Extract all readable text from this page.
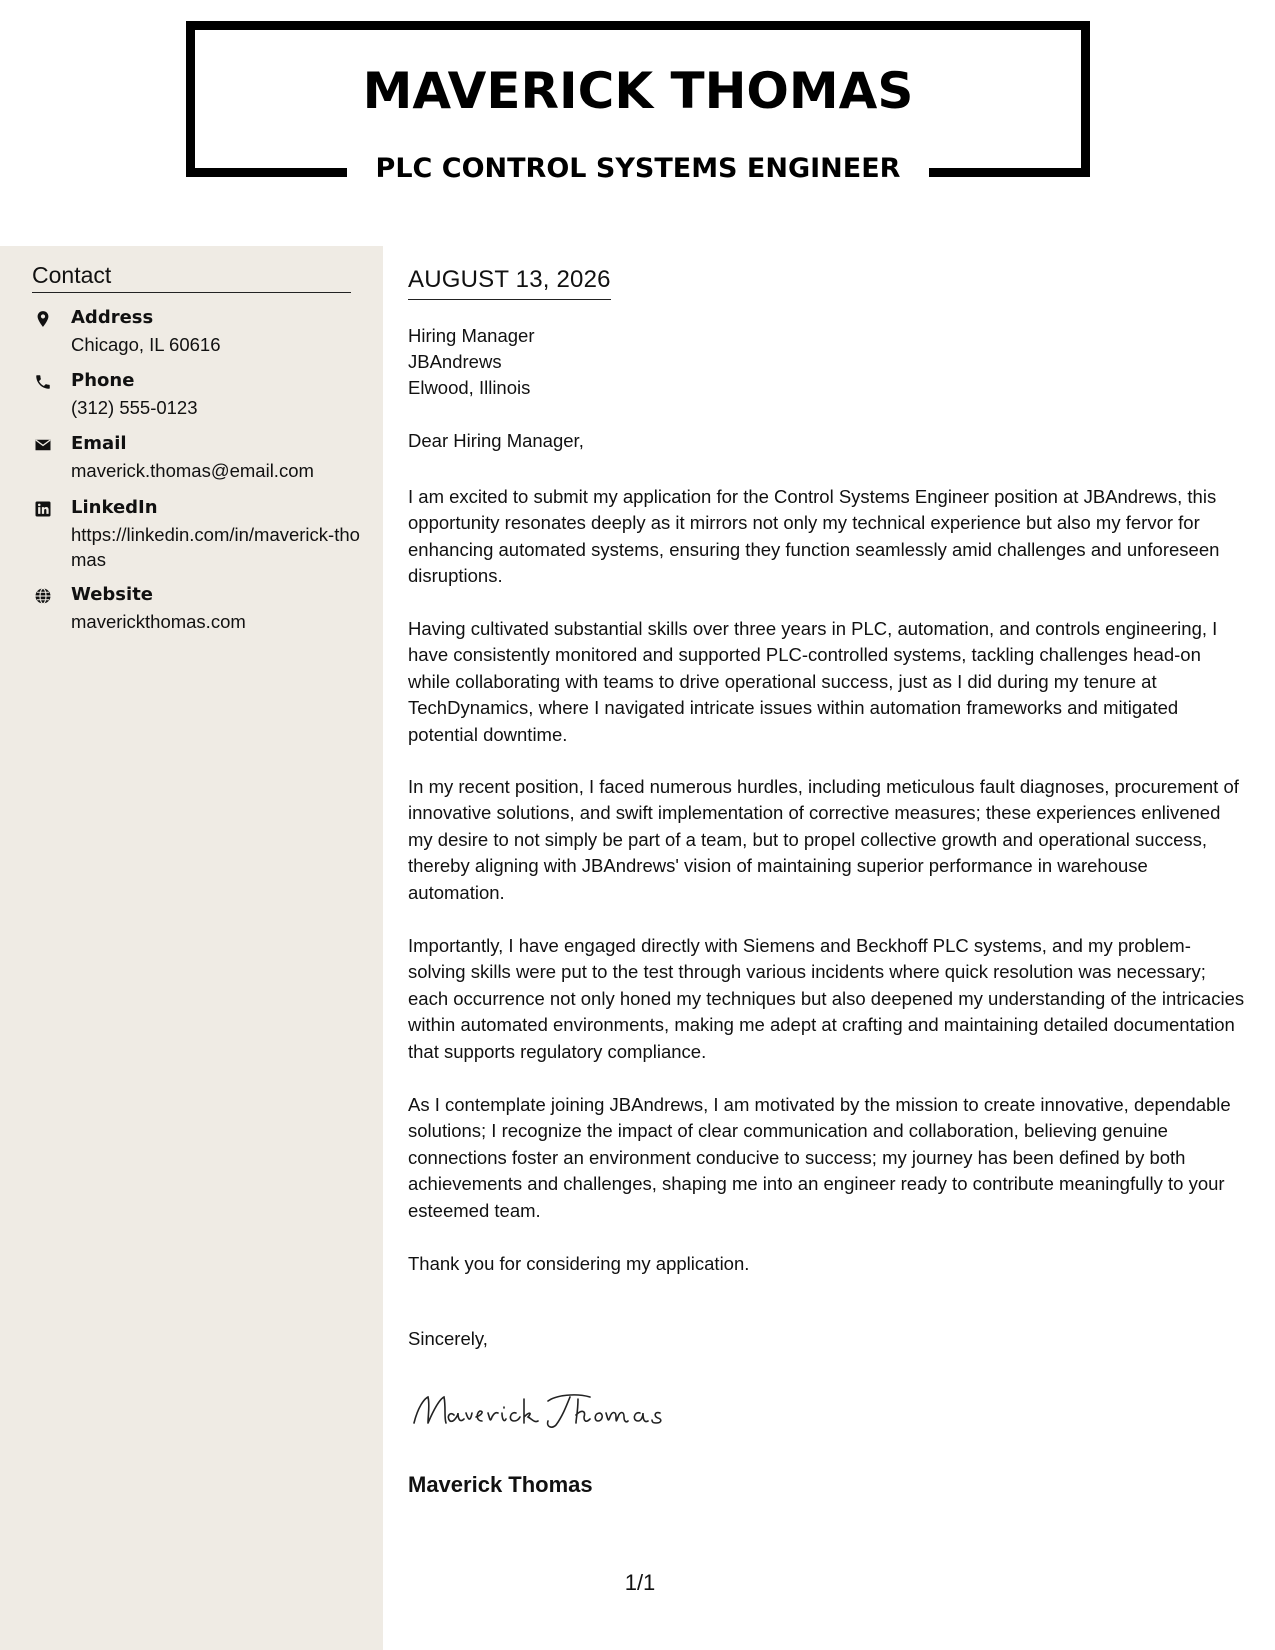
MAVERICK THOMAS
PLC CONTROL SYSTEMS ENGINEER
Contact
Address
Chicago, IL 60616
Phone
(312) 555-0123
Email
maverick.thomas@email.com
LinkedIn
https://linkedin.com/in/maverick-thomas
Website
maverickthomas.com
AUGUST 13, 2026
Hiring Manager
JBAndrews
Elwood, Illinois
Dear Hiring Manager,
I am excited to submit my application for the Control Systems Engineer position at JBAndrews, this opportunity resonates deeply as it mirrors not only my technical experience but also my fervor for enhancing automated systems, ensuring they function seamlessly amid challenges and unforeseen disruptions.
Having cultivated substantial skills over three years in PLC, automation, and controls engineering, I have consistently monitored and supported PLC-controlled systems, tackling challenges head-on while collaborating with teams to drive operational success, just as I did during my tenure at TechDynamics, where I navigated intricate issues within automation frameworks and mitigated potential downtime.
In my recent position, I faced numerous hurdles, including meticulous fault diagnoses, procurement of innovative solutions, and swift implementation of corrective measures; these experiences enlivened my desire to not simply be part of a team, but to propel collective growth and operational success, thereby aligning with JBAndrews' vision of maintaining superior performance in warehouse automation.
Importantly, I have engaged directly with Siemens and Beckhoff PLC systems, and my problem-solving skills were put to the test through various incidents where quick resolution was necessary; each occurrence not only honed my techniques but also deepened my understanding of the intricacies within automated environments, making me adept at crafting and maintaining detailed documentation that supports regulatory compliance.
As I contemplate joining JBAndrews, I am motivated by the mission to create innovative, dependable solutions; I recognize the impact of clear communication and collaboration, believing genuine connections foster an environment conducive to success; my journey has been defined by both achievements and challenges, shaping me into an engineer ready to contribute meaningfully to your esteemed team.
Thank you for considering my application.
Sincerely,
Maverick Thomas
1/1
